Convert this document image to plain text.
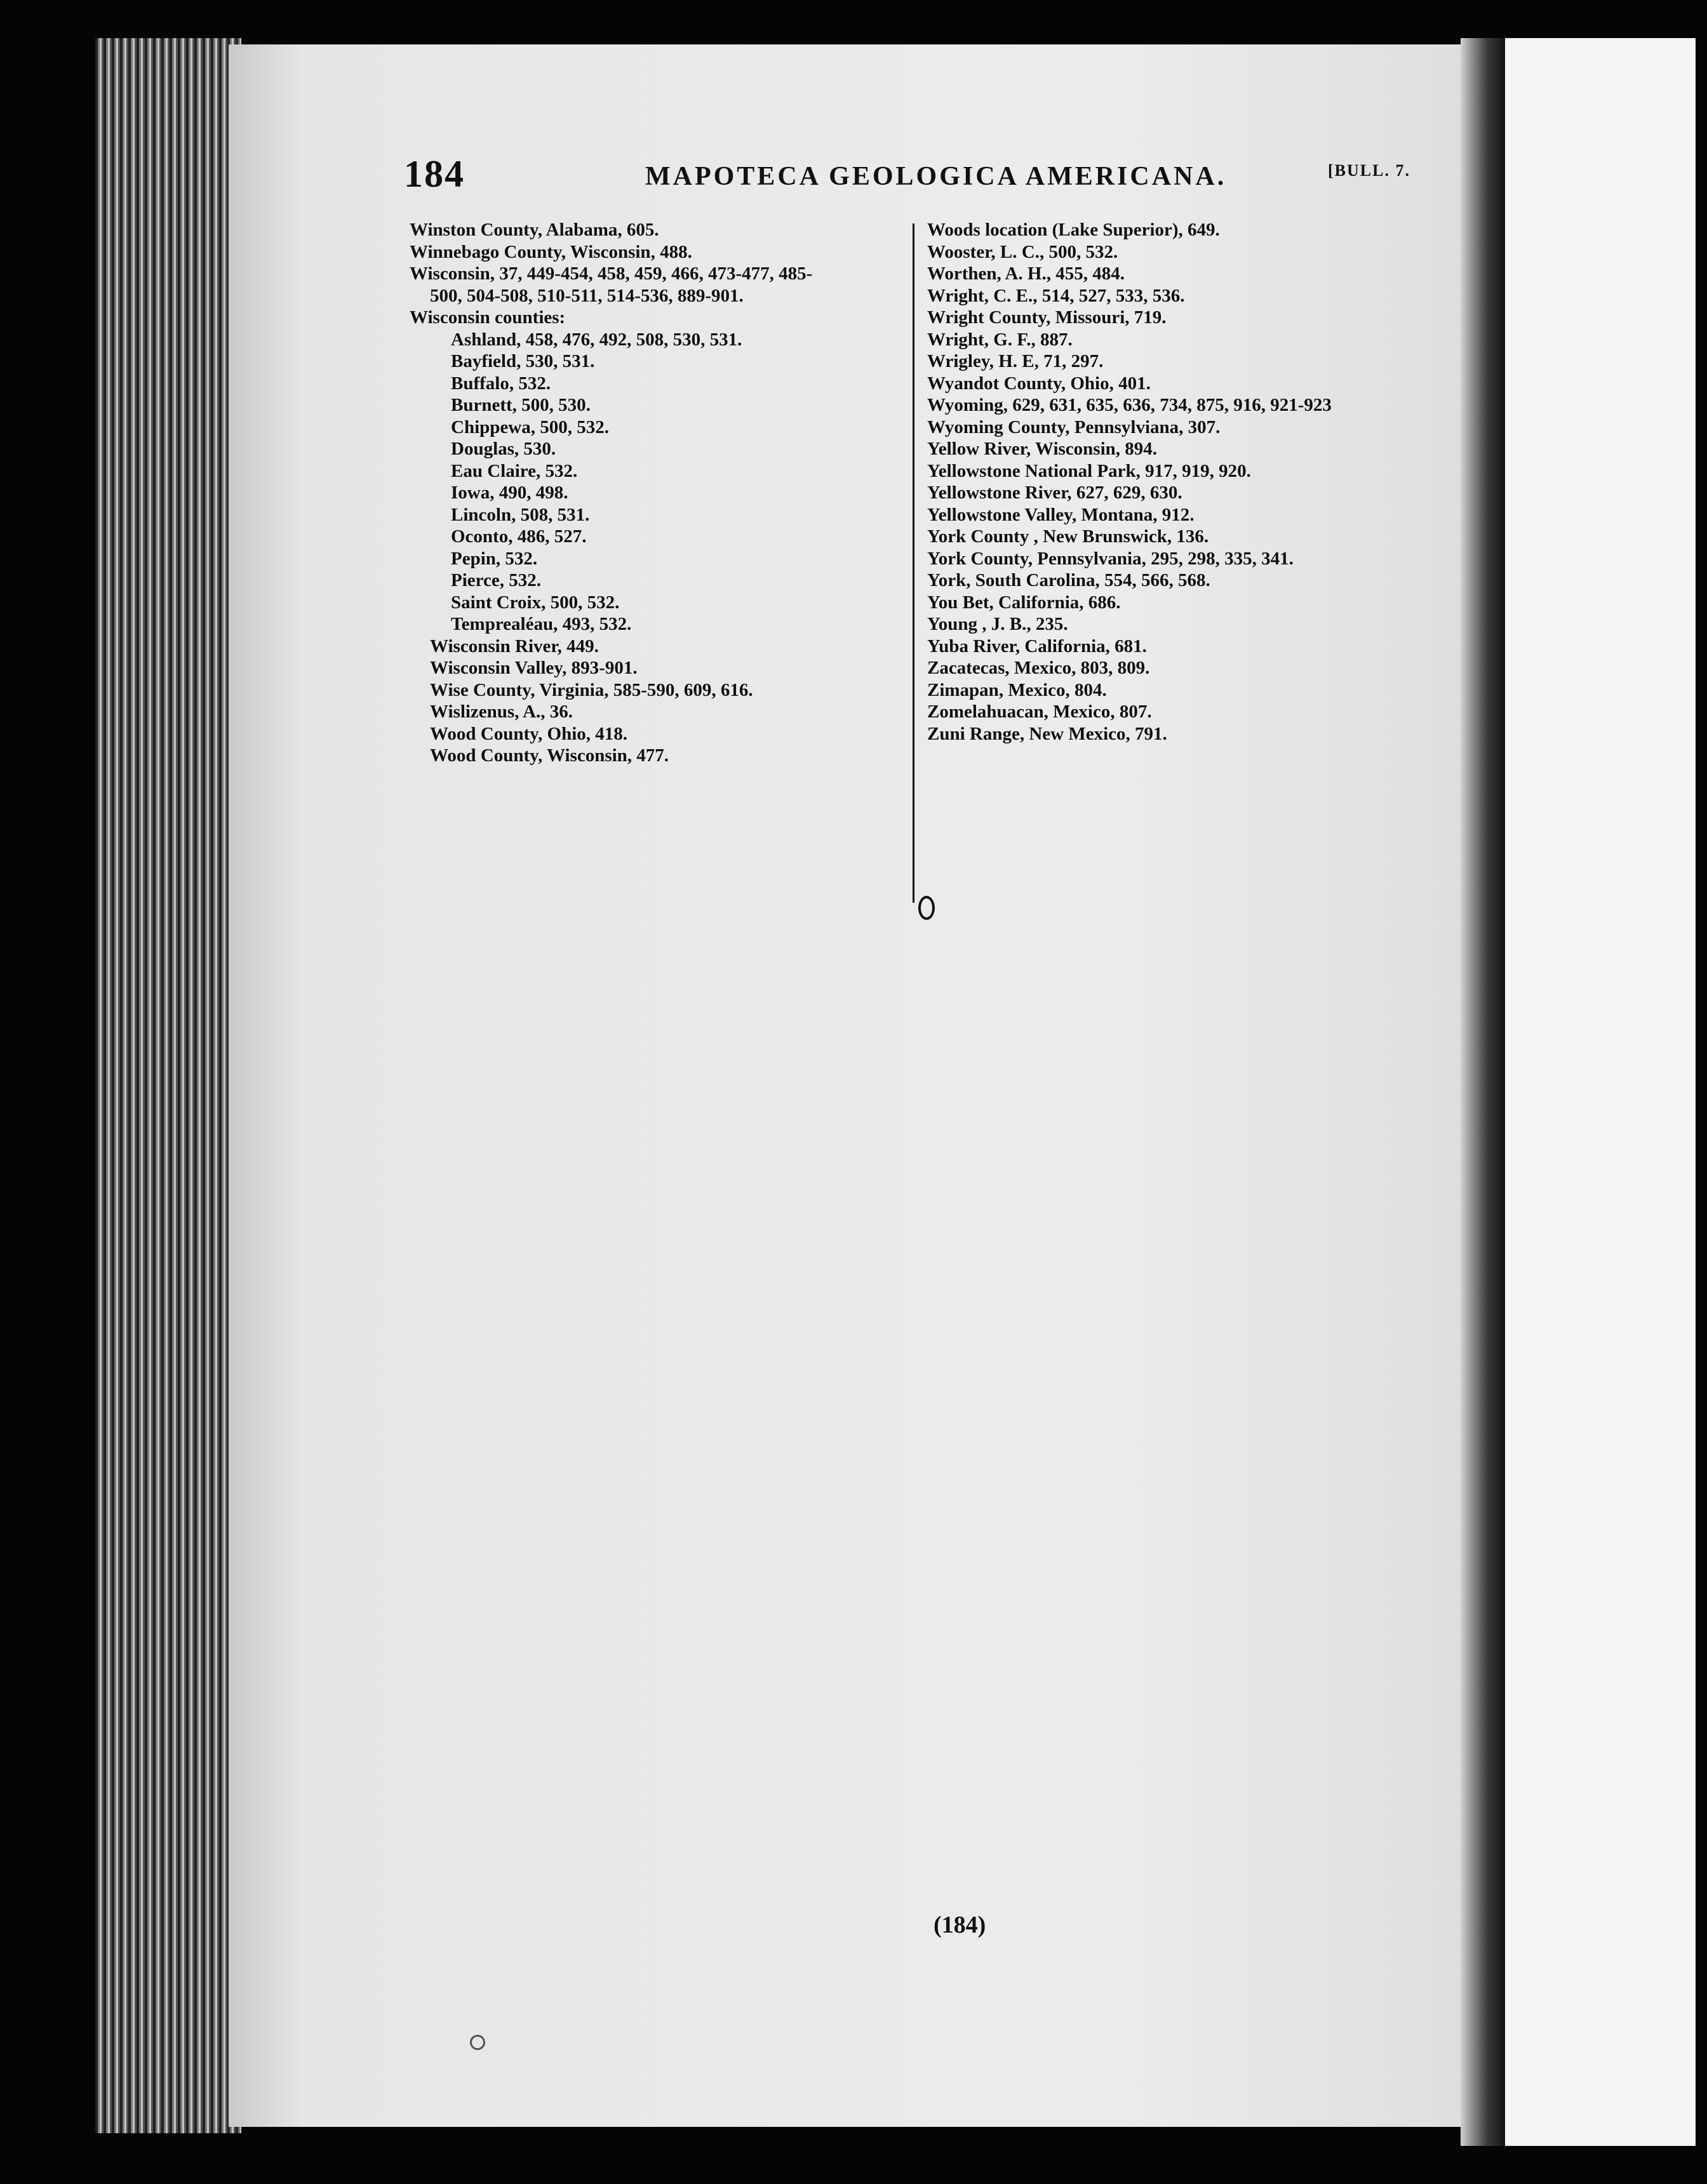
184	MAPOTECA GEOLOGICA AMERICANA.	[BULL. 7.
Winston County, Alabama, 605.
Winnebago County, Wisconsin, 488.
Wisconsin, 37, 449-454, 458, 459, 466, 473-477, 485-
500, 504-508, 510-511, 514-536, 889-901.
Wisconsin counties:
Ashland, 458, 476, 492, 508, 530, 531.
Bayfield, 530, 531.
Buffalo, 532.
Burnett, 500, 530.
Chippewa, 500, 532.
Douglas, 530.
Eau Claire, 532.
Iowa, 490, 498.
Lincoln, 508, 531.
Oconto, 486, 527.
Pepin, 532.
Pierce, 532.
Saint Croix, 500, 532.
Temprealéau, 493, 532.
Wisconsin River, 449.
Wisconsin Valley, 893-901.
Wise County, Virginia, 585-590, 609, 616.
Wislizenus, A., 36.
Wood County, Ohio, 418.
Wood County, Wisconsin, 477.
Woods location (Lake Superior), 649.
Wooster, L. C., 500, 532.
Worthen, A. H., 455, 484.
Wright, C. E., 514, 527, 533, 536.
Wright County, Missouri, 719.
Wright, G. F., 887.
Wrigley, H. E, 71, 297.
Wyandot County, Ohio, 401.
Wyoming, 629, 631, 635, 636, 734, 875, 916, 921-923
Wyoming County, Pennsylviana, 307.
Yellow River, Wisconsin, 894.
Yellowstone National Park, 917, 919, 920.
Yellowstone River, 627, 629, 630.
Yellowstone Valley, Montana, 912.
York County , New Brunswick, 136.
York County, Pennsylvania, 295, 298, 335, 341.
York, South Carolina, 554, 566, 568.
You Bet, California, 686.
Young , J. B., 235.
Yuba River, California, 681.
Zacatecas, Mexico, 803, 809.
Zimapan, Mexico, 804.
Zomelahuacan, Mexico, 807.
Zuni Range, New Mexico, 791.
(184)
